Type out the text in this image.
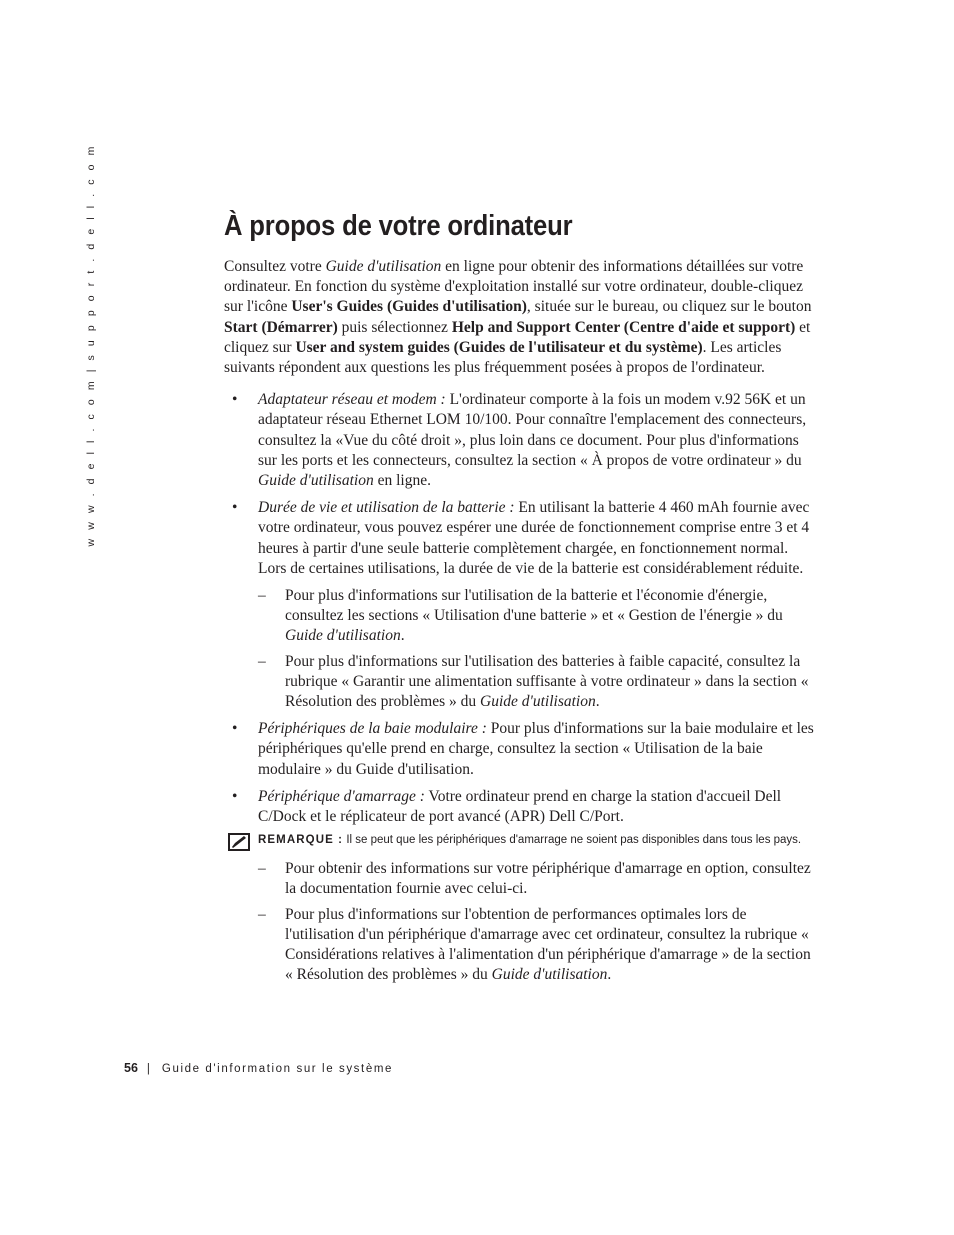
w w w . d e l l . c o m | s u p p o r t . d e l l . c o m	À propos de votre ordinateur

Consultez votre Guide d'utilisation en ligne pour obtenir des informations détaillées sur votre ordinateur. En fonction du système d'exploitation installé sur votre ordinateur, double-cliquez sur l'icône User's Guides (Guides d'utilisation), située sur le bureau, ou cliquez sur le bouton Start (Démarrer) puis sélectionnez Help and Support Center (Centre d'aide et support) et cliquez sur User and system guides (Guides de l'utilisateur et du système). Les articles suivants répondent aux questions les plus fréquemment posées à propos de l'ordinateur.

• Adaptateur réseau et modem : L'ordinateur comporte à la fois un modem v.92 56K et un adaptateur réseau Ethernet LOM 10/100. Pour connaître l'emplacement des connecteurs, consultez la «Vue du côté droit », plus loin dans ce document. Pour plus d'informations sur les ports et les connecteurs, consultez la section « À propos de votre ordinateur » du Guide d'utilisation en ligne.
• Durée de vie et utilisation de la batterie : En utilisant la batterie 4 460 mAh fournie avec votre ordinateur, vous pouvez espérer une durée de fonctionnement comprise entre 3 et 4 heures à partir d'une seule batterie complètement chargée, en fonctionnement normal. Lors de certaines utilisations, la durée de vie de la batterie est considérablement réduite.
– Pour plus d'informations sur l'utilisation de la batterie et l'économie d'énergie, consultez les sections « Utilisation d'une batterie » et « Gestion de l'énergie » du Guide d'utilisation.
– Pour plus d'informations sur l'utilisation des batteries à faible capacité, consultez la rubrique « Garantir une alimentation suffisante à votre ordinateur » dans la section « Résolution des problèmes » du Guide d'utilisation.
• Périphériques de la baie modulaire : Pour plus d'informations sur la baie modulaire et les périphériques qu'elle prend en charge, consultez la section « Utilisation de la baie modulaire » du Guide d'utilisation.
• Périphérique d'amarrage : Votre ordinateur prend en charge la station d'accueil Dell C/Dock et le réplicateur de port avancé (APR) Dell C/Port.
REMARQUE : Il se peut que les périphériques d'amarrage ne soient pas disponibles dans tous les pays.
– Pour obtenir des informations sur votre périphérique d'amarrage en option, consultez la documentation fournie avec celui-ci.
– Pour plus d'informations sur l'obtention de performances optimales lors de l'utilisation d'un périphérique d'amarrage avec cet ordinateur, consultez la rubrique « Considérations relatives à l'alimentation d'un périphérique d'amarrage » de la section « Résolution des problèmes » du Guide d'utilisation.
56 | Guide d'information sur le système
